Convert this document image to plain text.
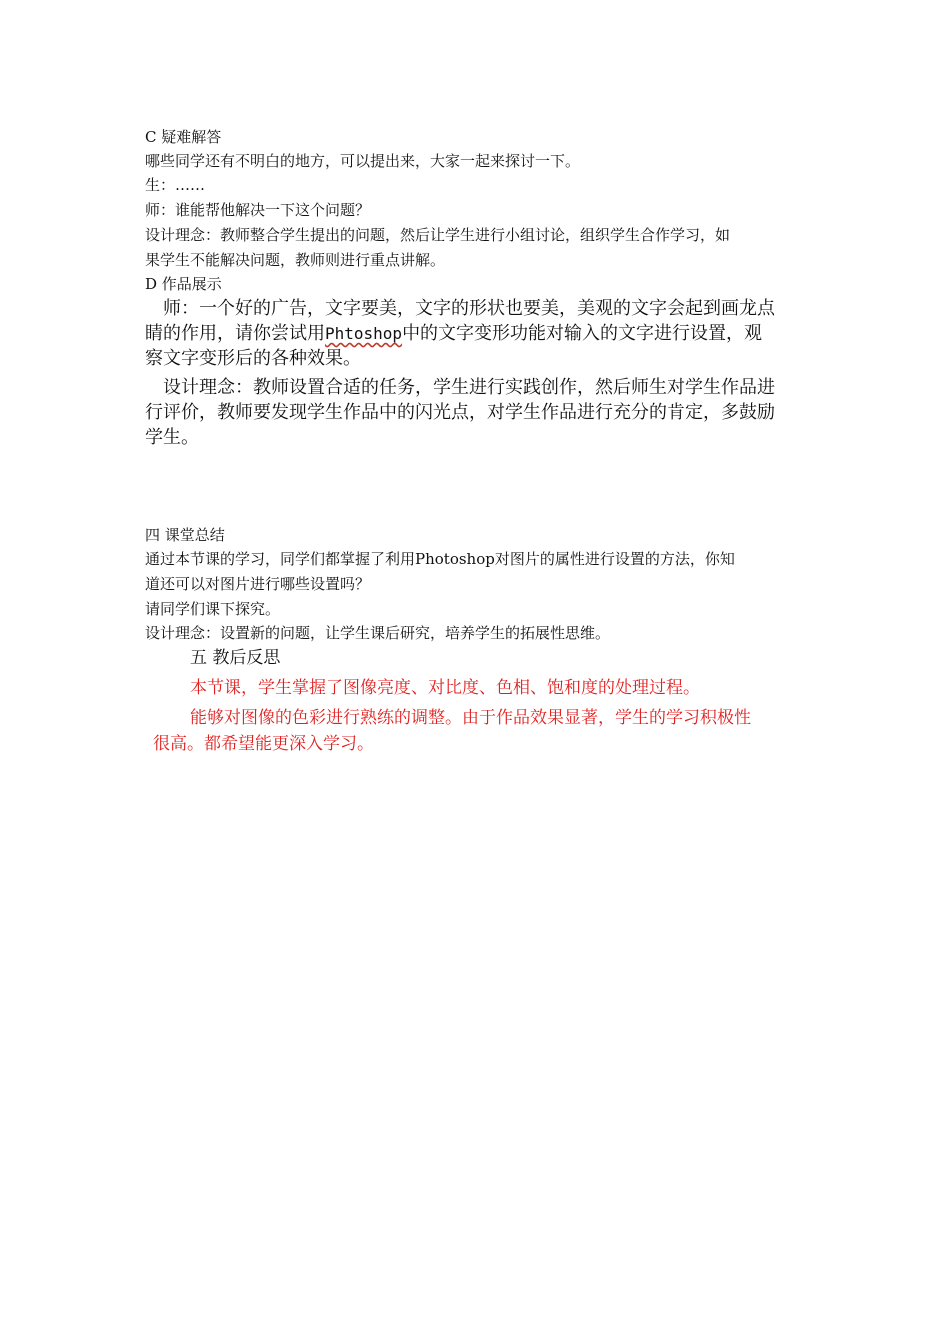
C 疑难解答
哪些同学还有不明白的地方，可以提出来，大家一起来探讨一下。
生：……
师：谁能帮他解决一下这个问题？
设计理念：教师整合学生提出的问题，然后让学生进行小组讨论，组织学生合作学习，如
果学生不能解决问题，教师则进行重点讲解。
D 作品展示
师：一个好的广告，文字要美，文字的形状也要美，美观的文字会起到画龙点
睛的作用，请你尝试用Phtoshop中的文字变形功能对输入的文字进行设置，观
察文字变形后的各种效果。
设计理念：教师设置合适的任务，学生进行实践创作，然后师生对学生作品进
行评价，教师要发现学生作品中的闪光点，对学生作品进行充分的肯定，多鼓励
学生。
四 课堂总结
通过本节课的学习，同学们都掌握了利用Photoshop对图片的属性进行设置的方法，你知
道还可以对图片进行哪些设置吗？
请同学们课下探究。
设计理念：设置新的问题，让学生课后研究，培养学生的拓展性思维。
五 教后反思
本节课，学生掌握了图像亮度、对比度、色相、饱和度的处理过程。
能够对图像的色彩进行熟练的调整。由于作品效果显著，学生的学习积极性
很高。都希望能更深入学习。
